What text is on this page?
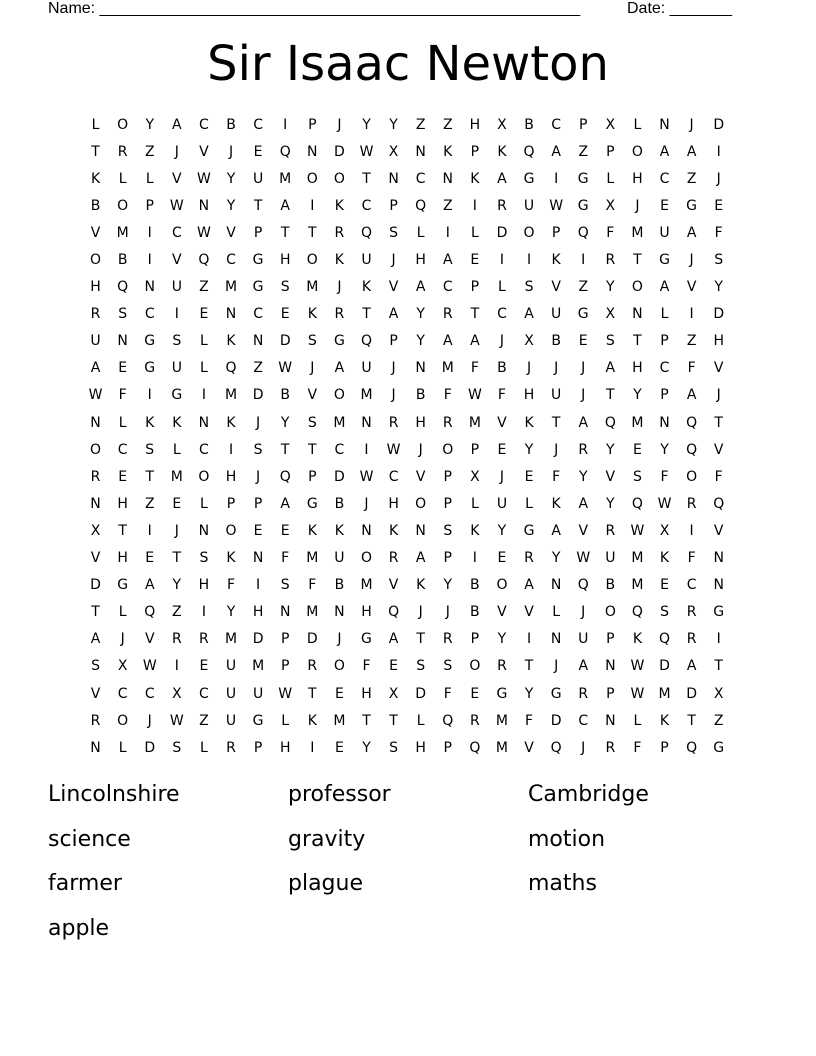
Name: ______________________________________________________	Date: _______
Sir Isaac Newton
L	O	Y	A	C	B	C	I	P	J	Y	Y	Z	Z	H	X	B	C	P	X	L	N	J	D
T	R	Z	J	V	J	E	Q	N	D	W	X	N	K	P	K	Q	A	Z	P	O	A	A	I
K	L	L	V	W	Y	U	M	O	O	T	N	C	N	K	A	G	I	G	L	H	C	Z	J
B	O	P	W	N	Y	T	A	I	K	C	P	Q	Z	I	R	U	W	G	X	J	E	G	E
V	M	I	C	W	V	P	T	T	R	Q	S	L	I	L	D	O	P	Q	F	M	U	A	F
O	B	I	V	Q	C	G	H	O	K	U	J	H	A	E	I	I	K	I	R	T	G	J	S
H	Q	N	U	Z	M	G	S	M	J	K	V	A	C	P	L	S	V	Z	Y	O	A	V	Y
R	S	C	I	E	N	C	E	K	R	T	A	Y	R	T	C	A	U	G	X	N	L	I	D
U	N	G	S	L	K	N	D	S	G	Q	P	Y	A	A	J	X	B	E	S	T	P	Z	H
A	E	G	U	L	Q	Z	W	J	A	U	J	N	M	F	B	J	J	J	A	H	C	F	V
W	F	I	G	I	M	D	B	V	O	M	J	B	F	W	F	H	U	J	T	Y	P	A	J
N	L	K	K	N	K	J	Y	S	M	N	R	H	R	M	V	K	T	A	Q	M	N	Q	T
O	C	S	L	C	I	S	T	T	C	I	W	J	O	P	E	Y	J	R	Y	E	Y	Q	V
R	E	T	M	O	H	J	Q	P	D	W	C	V	P	X	J	E	F	Y	V	S	F	O	F
N	H	Z	E	L	P	P	A	G	B	J	H	O	P	L	U	L	K	A	Y	Q	W	R	Q
X	T	I	J	N	O	E	E	K	K	N	K	N	S	K	Y	G	A	V	R	W	X	I	V
V	H	E	T	S	K	N	F	M	U	O	R	A	P	I	E	R	Y	W	U	M	K	F	N
D	G	A	Y	H	F	I	S	F	B	M	V	K	Y	B	O	A	N	Q	B	M	E	C	N
T	L	Q	Z	I	Y	H	N	M	N	H	Q	J	J	B	V	V	L	J	O	Q	S	R	G
A	J	V	R	R	M	D	P	D	J	G	A	T	R	P	Y	I	N	U	P	K	Q	R	I
S	X	W	I	E	U	M	P	R	O	F	E	S	S	O	R	T	J	A	N	W	D	A	T
V	C	C	X	C	U	U	W	T	E	H	X	D	F	E	G	Y	G	R	P	W	M	D	X
R	O	J	W	Z	U	G	L	K	M	T	T	L	Q	R	M	F	D	C	N	L	K	T	Z
N	L	D	S	L	R	P	H	I	E	Y	S	H	P	Q	M	V	Q	J	R	F	P	Q	G
Lincolnshire	professor	Cambridge
science	gravity	motion
farmer	plague	maths
apple
